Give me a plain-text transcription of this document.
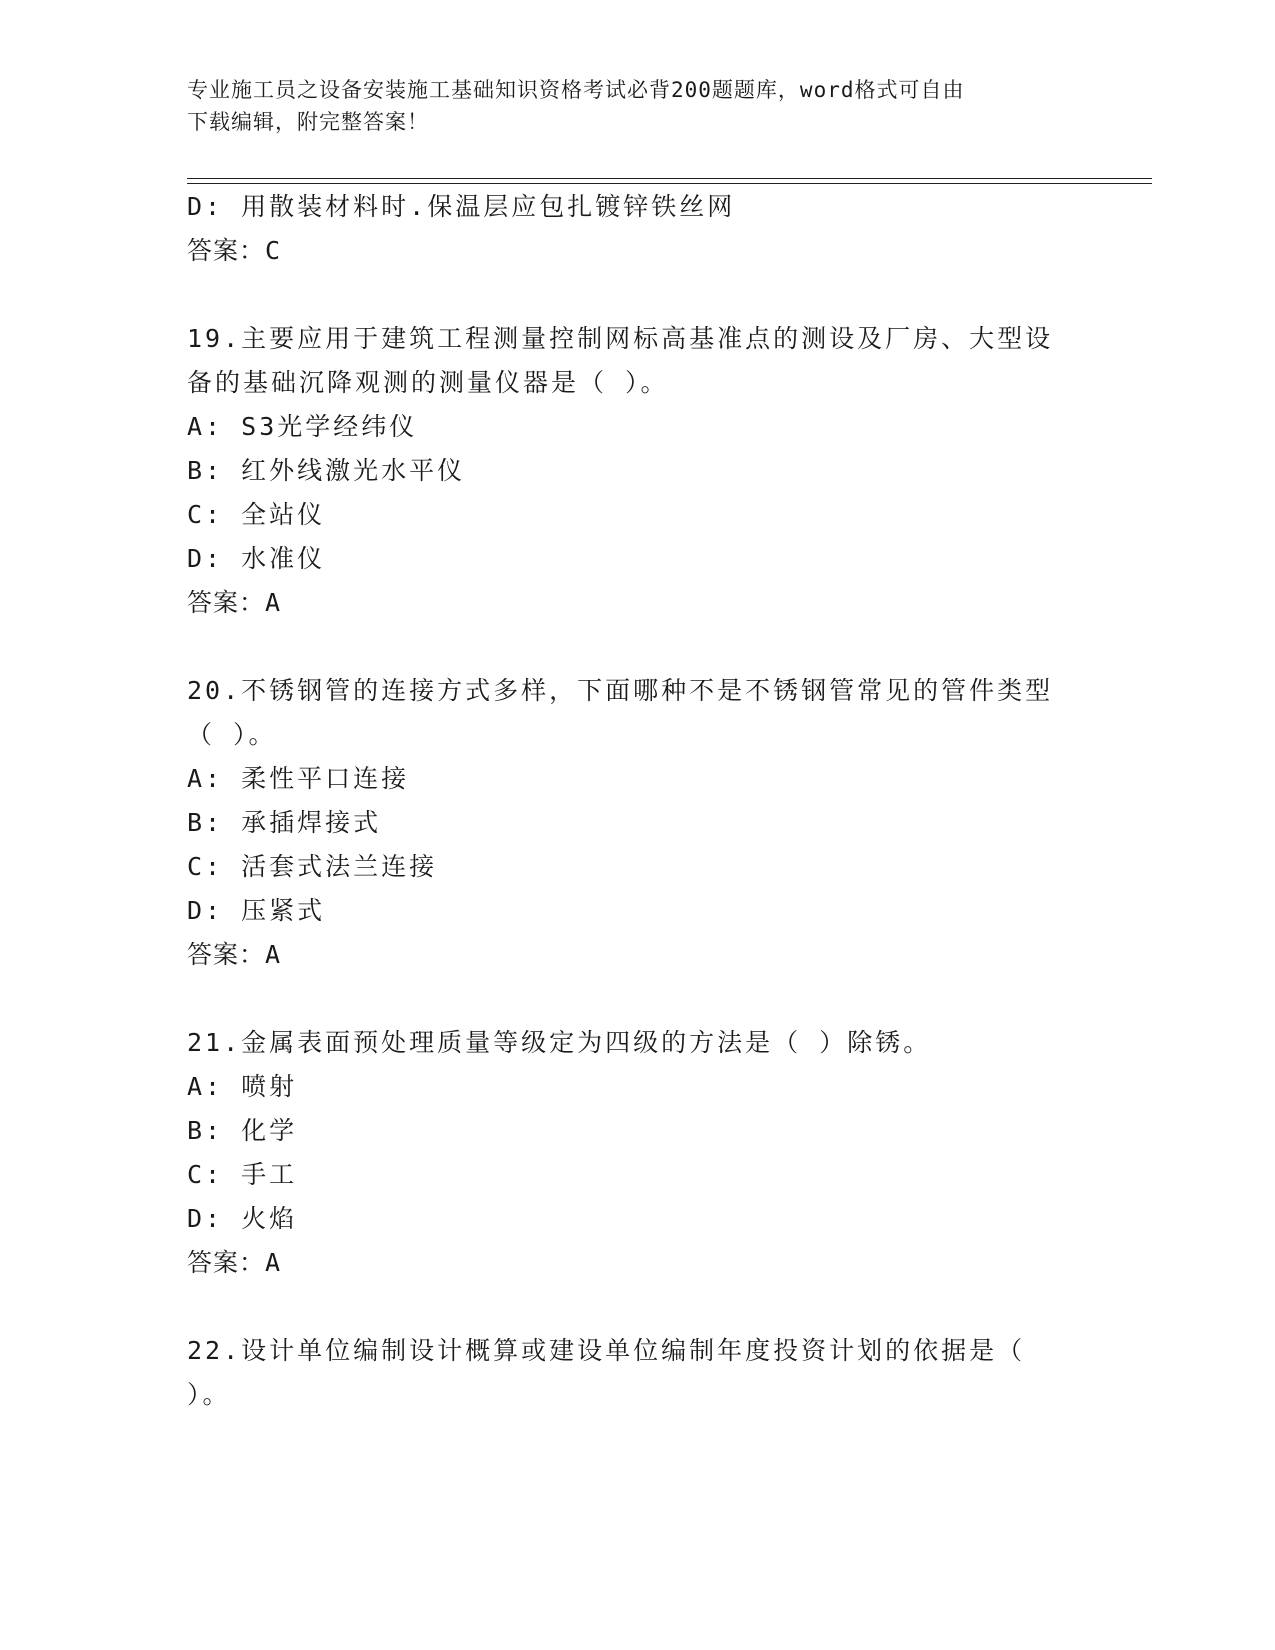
专业施工员之设备安装施工基础知识资格考试必背200题题库，word格式可自由
下载编辑，附完整答案！
D: 用散装材料时.保温层应包扎镀锌铁丝网
答案：C
19.主要应用于建筑工程测量控制网标高基准点的测设及厂房、大型设
备的基础沉降观测的测量仪器是（ ）。
A: S3光学经纬仪
B: 红外线激光水平仪
C: 全站仪
D: 水准仪
答案：A
20.不锈钢管的连接方式多样，下面哪种不是不锈钢管常见的管件类型
（ ）。
A: 柔性平口连接
B: 承插焊接式
C: 活套式法兰连接
D: 压紧式
答案：A
21.金属表面预处理质量等级定为四级的方法是（ ）除锈。
A: 喷射
B: 化学
C: 手工
D: 火焰
答案：A
22.设计单位编制设计概算或建设单位编制年度投资计划的依据是（
）。
